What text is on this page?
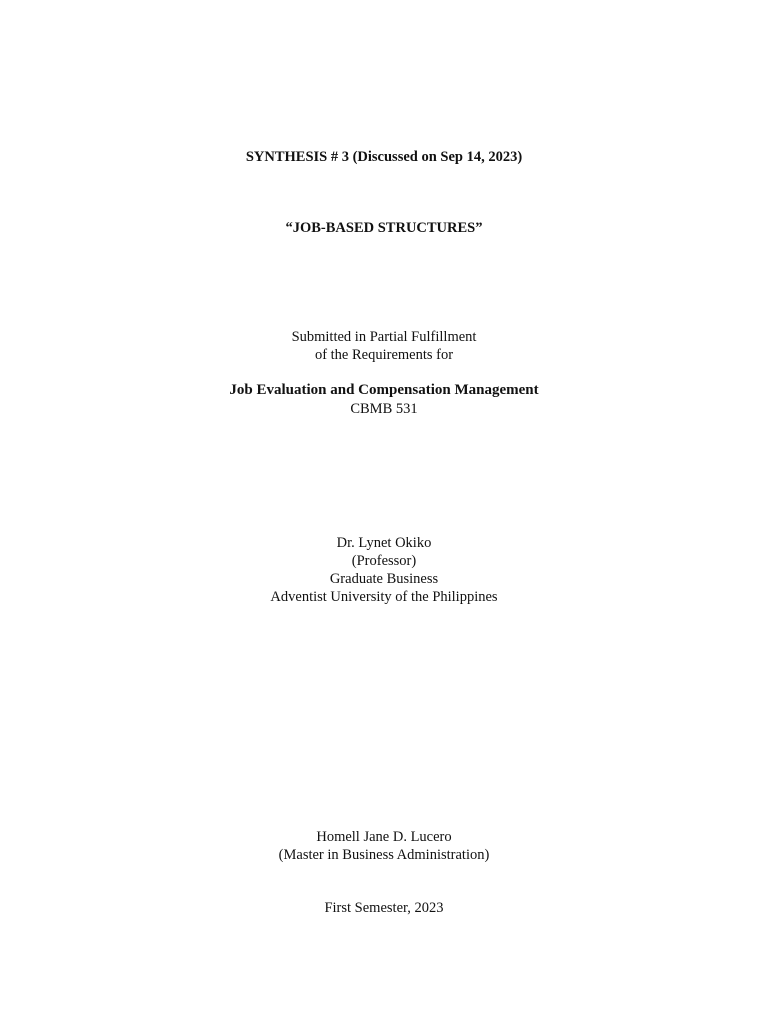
SYNTHESIS # 3 (Discussed on Sep 14, 2023)
“JOB-BASED STRUCTURES”
Submitted in Partial Fulfillment
of the Requirements for
Job Evaluation and Compensation Management
CBMB 531
Dr. Lynet Okiko
(Professor)
Graduate Business
Adventist University of the Philippines
Homell Jane D. Lucero
(Master in Business Administration)
First Semester, 2023
